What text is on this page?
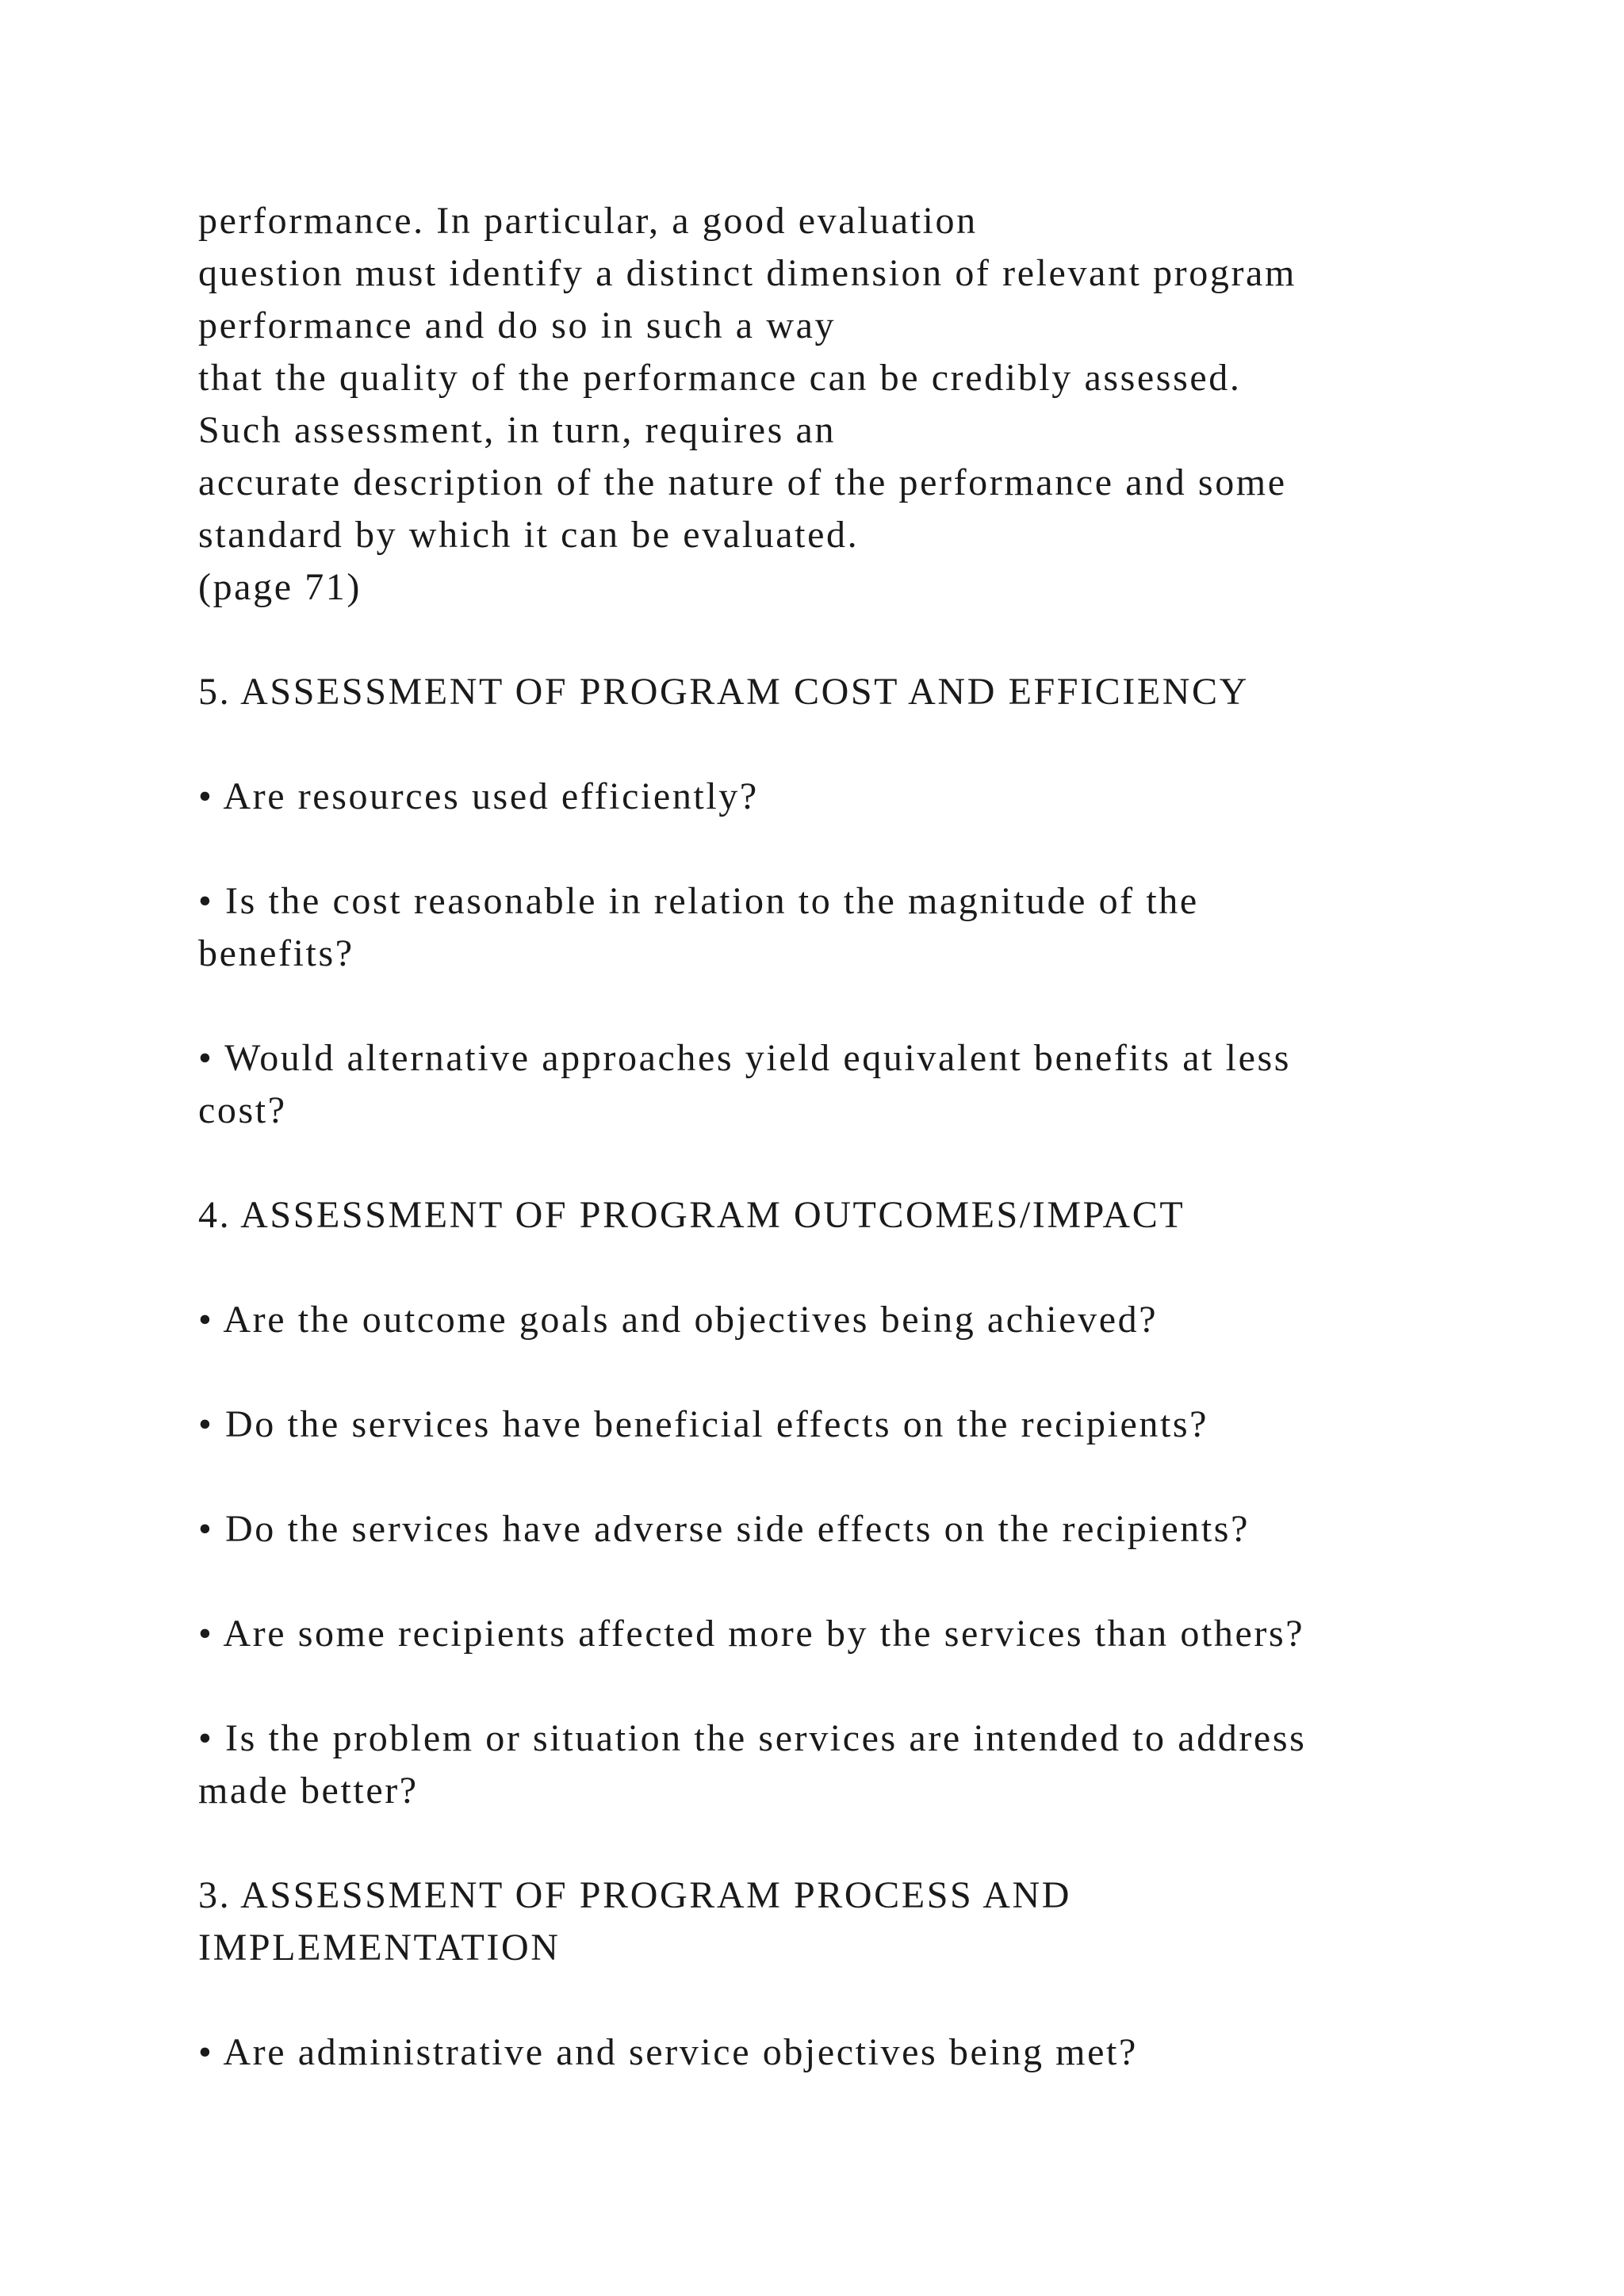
performance. In particular, a good evaluation
question must identify a distinct dimension of relevant program
performance and do so in such a way
that the quality of the performance can be credibly assessed.
Such assessment, in turn, requires an
accurate description of the nature of the performance and some
standard by which it can be evaluated.
(page 71)
5. ASSESSMENT OF PROGRAM COST AND EFFICIENCY
• Are resources used efficiently?
• Is the cost reasonable in relation to the magnitude of the
benefits?
• Would alternative approaches yield equivalent benefits at less
cost?
4. ASSESSMENT OF PROGRAM OUTCOMES/IMPACT
• Are the outcome goals and objectives being achieved?
• Do the services have beneficial effects on the recipients?
• Do the services have adverse side effects on the recipients?
• Are some recipients affected more by the services than others?
• Is the problem or situation the services are intended to address
made better?
3. ASSESSMENT OF PROGRAM PROCESS AND
IMPLEMENTATION
• Are administrative and service objectives being met?
